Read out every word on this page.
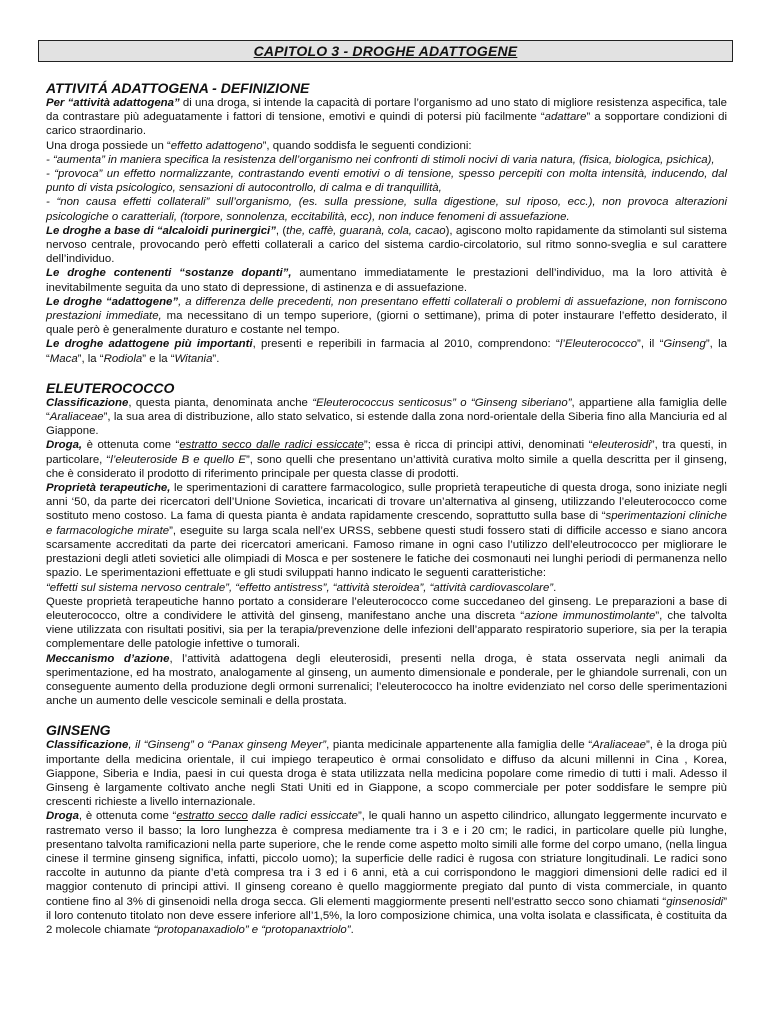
CAPITOLO 3 - DROGHE ADATTOGENE
ATTIVITÁ ADATTOGENA - DEFINIZIONE

Per “attività adattogena” di una droga, si intende la capacità di portare l’organismo ad uno stato di migliore resistenza aspecifica, tale da contrastare più adeguatamente i fattori di tensione, emotivi e quindi di potersi più facilmente “adattare” a sopportare condizioni di carico straordinario.

Una droga possiede un “effetto adattogeno”, quando soddisfa le seguenti condizioni:

- “aumenta” in maniera specifica la resistenza dell’organismo nei confronti di stimoli nocivi di varia natura, (fisica, biologica, psichica),

- “provoca” un effetto normalizzante, contrastando eventi emotivi o di tensione, spesso percepiti con molta intensità, inducendo, dal punto di vista psicologico, sensazioni di autocontrollo, di calma e di tranquillità,

- “non causa effetti collaterali” sull’organismo, (es. sulla pressione, sulla digestione, sul riposo, ecc.), non provoca alterazioni psicologiche o caratteriali, (torpore, sonnolenza, eccitabilità, ecc), non induce fenomeni di assuefazione.

Le droghe a base di “alcaloidi purinergici”, (the, caffè, guaranà, cola, cacao), agiscono molto rapidamente da stimolanti sul sistema nervoso centrale, provocando però effetti collaterali a carico del sistema cardio-circolatorio, sul ritmo sonno-sveglia e sul carattere dell’individuo.

Le droghe contenenti “sostanze dopanti”, aumentano immediatamente le prestazioni dell’individuo, ma la loro attività è inevitabilmente seguita da uno stato di depressione, di astinenza e di assuefazione.

Le droghe “adattogene”, a differenza delle precedenti, non presentano effetti collaterali o problemi di assuefazione, non forniscono prestazioni immediate, ma necessitano di un tempo superiore, (giorni o settimane), prima di poter instaurare l’effetto desiderato, il quale però è generalmente duraturo e costante nel tempo.

Le droghe adattogene più importanti, presenti e reperibili in farmacia al 2010, comprendono: “l’Eleuterococco”, il “Ginseng”, la “Maca”, la “Rodiola” e la “Witania”.

ELEUTEROCOCCO

Classificazione, questa pianta, denominata anche “Eleuterococcus senticosus” o “Ginseng siberiano”, appartiene alla famiglia delle “Araliaceae”, la sua area di distribuzione, allo stato selvatico, si estende dalla zona nord-orientale della Siberia fino alla Manciuria ed al Giappone.

Droga, è ottenuta come “estratto secco dalle radici essiccate”; essa è ricca di principi attivi, denominati “eleuterosidi”, tra questi, in particolare, “l’eleuteroside B e quello E”, sono quelli che presentano un’attività curativa molto simile a quella descritta per il ginseng, che è considerato il prodotto di riferimento principale per questa classe di prodotti.

Proprietà terapeutiche, le sperimentazioni di carattere farmacologico, sulle proprietà terapeutiche di questa droga, sono iniziate negli anni ‘50, da parte dei ricercatori dell’Unione Sovietica, incaricati di trovare un’alternativa al ginseng, utilizzando l’eleuterococco come sostituto meno costoso. La fama di questa pianta è andata rapidamente crescendo, soprattutto sulla base di “sperimentazioni cliniche e farmacologiche mirate”, eseguite su larga scala nell’ex URSS, sebbene questi studi fossero stati di difficile accesso e siano ancora scarsamente accreditati da parte dei ricercatori americani. Famoso rimane in ogni caso l’utilizzo dell’eleutrococco per migliorare le prestazioni degli atleti sovietici alle olimpiadi di Mosca e per sostenere le fatiche dei cosmonauti nei lunghi periodi di permanenza nello spazio. Le sperimentazioni effettuate e gli studi sviluppati hanno indicato le seguenti caratteristiche:

“effetti sul sistema nervoso centrale”, “effetto antistress”, “attività steroidea”, “attività cardiovascolare”.

Queste proprietà terapeutiche hanno portato a considerare l’eleuterococco come succedaneo del ginseng. Le preparazioni a base di eleuterococco, oltre a condividere le attività del ginseng, manifestano anche una discreta “azione immunostimolante”, che talvolta viene utilizzata con risultati positivi, sia per la terapia/prevenzione delle infezioni dell’apparato respiratorio superiore, sia per la terapia complementare delle patologie infettive o tumorali.

Meccanismo d’azione, l’attività adattogena degli eleuterosidi, presenti nella droga, è stata osservata negli animali da sperimentazione, ed ha mostrato, analogamente al ginseng, un aumento dimensionale e ponderale, per le ghiandole surrenali, con un conseguente aumento della produzione degli ormoni surrenalici; l’eleuterococco ha inoltre evidenziato nel corso delle sperimentazioni anche un aumento delle vescicole seminali e della prostata.

GINSENG

Classificazione, il “Ginseng” o “Panax ginseng Meyer”, pianta medicinale appartenente alla famiglia delle “Araliaceae”, è la droga più importante della medicina orientale, il cui impiego terapeutico è ormai consolidato e diffuso da alcuni millenni in Cina , Korea, Giappone, Siberia e India, paesi in cui questa droga è stata utilizzata nella medicina popolare come rimedio di tutti i mali. Adesso il Ginseng è largamente coltivato anche negli Stati Uniti ed in Giappone, a scopo commerciale per poter soddisfare le sempre più crescenti richieste a livello internazionale.

Droga, è ottenuta come “estratto secco dalle radici essiccate”, le quali hanno un aspetto cilindrico, allungato leggermente incurvato e rastremato verso il basso; la loro lunghezza è compresa mediamente tra i 3 e i 20 cm; le radici, in particolare quelle più lunghe, presentano talvolta ramificazioni nella parte superiore, che le rende come aspetto molto simili alle forme del corpo umano, (nella lingua cinese il termine ginseng significa, infatti, piccolo uomo); la superficie delle radici è rugosa con striature longitudinali. Le radici sono raccolte in autunno da piante d’età compresa tra i 3 ed i 6 anni, età a cui corrispondono le maggiori dimensioni delle radici ed il maggior contenuto di principi attivi. Il ginseng coreano è quello maggiormente pregiato dal punto di vista commerciale, in quanto contiene fino al 3% di ginsenoidi nella droga secca. Gli elementi maggiormente presenti nell’estratto secco sono chiamati “ginsenosidi” il loro contenuto titolato non deve essere inferiore all’1,5%, la loro composizione chimica, una volta isolata e classificata, è costituita da 2 molecole chiamate “protopanaxadiolo” e “protopanaxtriolo”.
